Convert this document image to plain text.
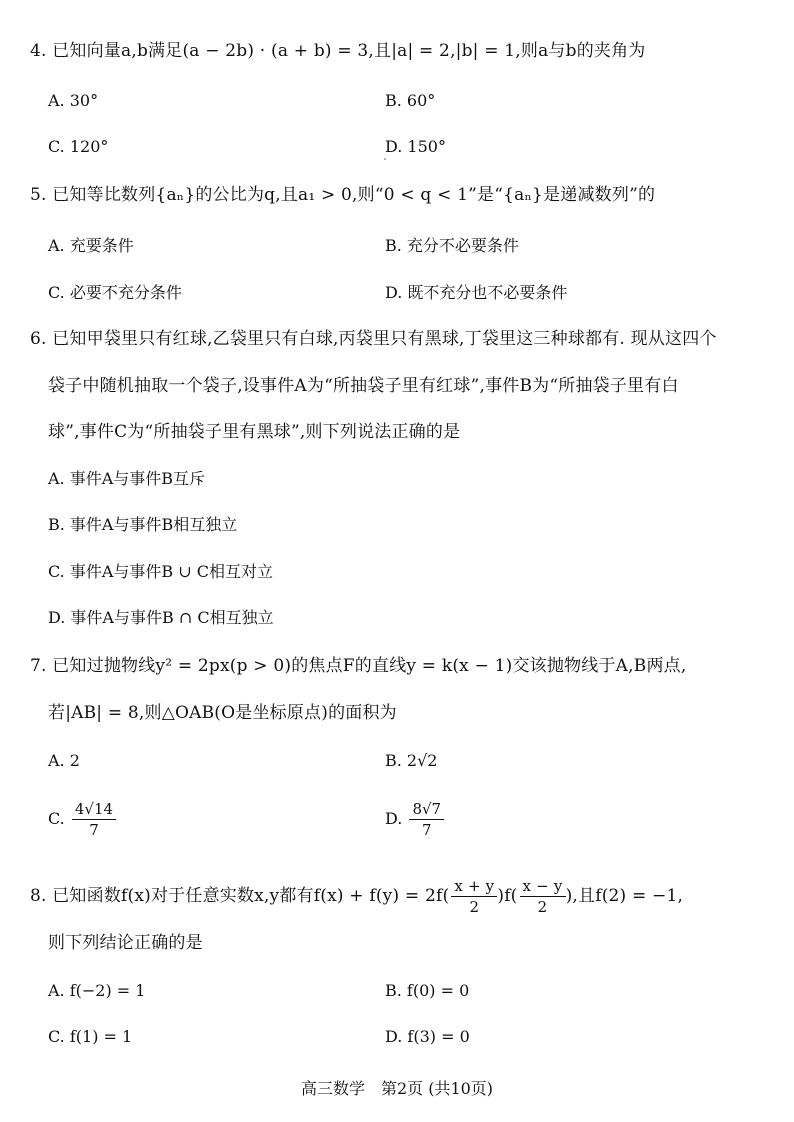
4. 已知向量a,b满足(a − 2b) · (a + b) = 3,且|a| = 2,|b| = 1,则a与b的夹角为
A. 30°	B. 60°
C. 120°	D. 150°
5. 已知等比数列{aₙ}的公比为q,且a₁ > 0,则“0 < q < 1”是“{aₙ}是递减数列”的
A. 充要条件	B. 充分不必要条件
C. 必要不充分条件	D. 既不充分也不必要条件
6. 已知甲袋里只有红球,乙袋里只有白球,丙袋里只有黑球,丁袋里这三种球都有. 现从这四个
袋子中随机抽取一个袋子,设事件A为“所抽袋子里有红球”,事件B为“所抽袋子里有白
球”,事件C为“所抽袋子里有黑球”,则下列说法正确的是
A. 事件A与事件B互斥
B. 事件A与事件B相互独立
C. 事件A与事件B ∪ C相互对立
D. 事件A与事件B ∩ C相互独立
7. 已知过抛物线y² = 2px(p > 0)的焦点F的直线y = k(x − 1)交该抛物线于A,B两点,
若|AB| = 8,则△OAB(O是坐标原点)的面积为
A. 2	B. 2√2
C. $\frac{4√14}{7}$	D. $\frac{8√7}{7}$
8. 已知函数f(x)对于任意实数x,y都有$f(x) + f(y) = 2f( \frac{x + y}{2} )f( \frac{x - y}{2}$ ),且f(2) = −1,
则下列结论正确的是
A. f(−2) = 1	B. f(0) = 0
C. f(1) = 1	D. f(3) = 0
高三数学　第2页 (共10页)
